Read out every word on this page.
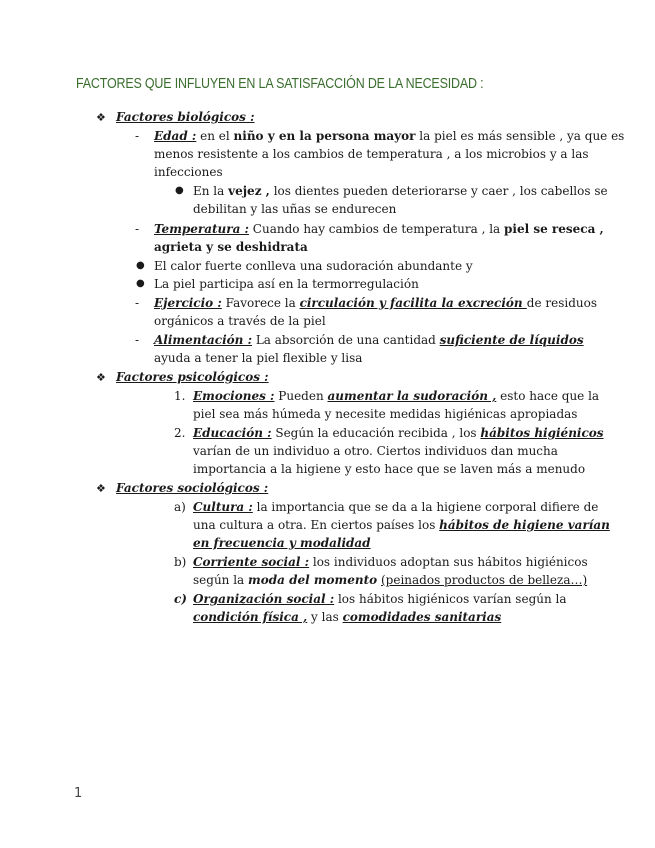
FACTORES QUE INFLUYEN EN LA SATISFACCIÓN DE LA NECESIDAD :
❖ Factores biológicos :
- Edad : en el niño y en la persona mayor la piel es más sensible , ya que es
menos resistente a los cambios de temperatura , a los microbios y a las
infecciones
● En la vejez , los dientes pueden deteriorarse y caer , los cabellos se
debilitan y las uñas se endurecen
- Temperatura : Cuando hay cambios de temperatura , la piel se reseca ,
agrieta y se deshidrata
● El calor fuerte conlleva una sudoración abundante y
● La piel participa así en la termorregulación
- Ejercicio : Favorece la circulación y facilita la excreción de residuos
orgánicos a través de la piel
- Alimentación : La absorción de una cantidad suficiente de líquidos
ayuda a tener la piel flexible y lisa
❖ Factores psicológicos :
1. Emociones : Pueden aumentar la sudoración , esto hace que la
piel sea más húmeda y necesite medidas higiénicas apropiadas
2. Educación : Según la educación recibida , los hábitos higiénicos
varían de un individuo a otro. Ciertos individuos dan mucha
importancia a la higiene y esto hace que se laven más a menudo
❖ Factores sociológicos :
a) Cultura : la importancia que se da a la higiene corporal difiere de
una cultura a otra. En ciertos países los hábitos de higiene varían
en frecuencia y modalidad
b) Corriente social : los individuos adoptan sus hábitos higiénicos
según la moda del momento (peinados productos de belleza…)
c) Organización social : los hábitos higiénicos varían según la
condición física , y las comodidades sanitarias
1
